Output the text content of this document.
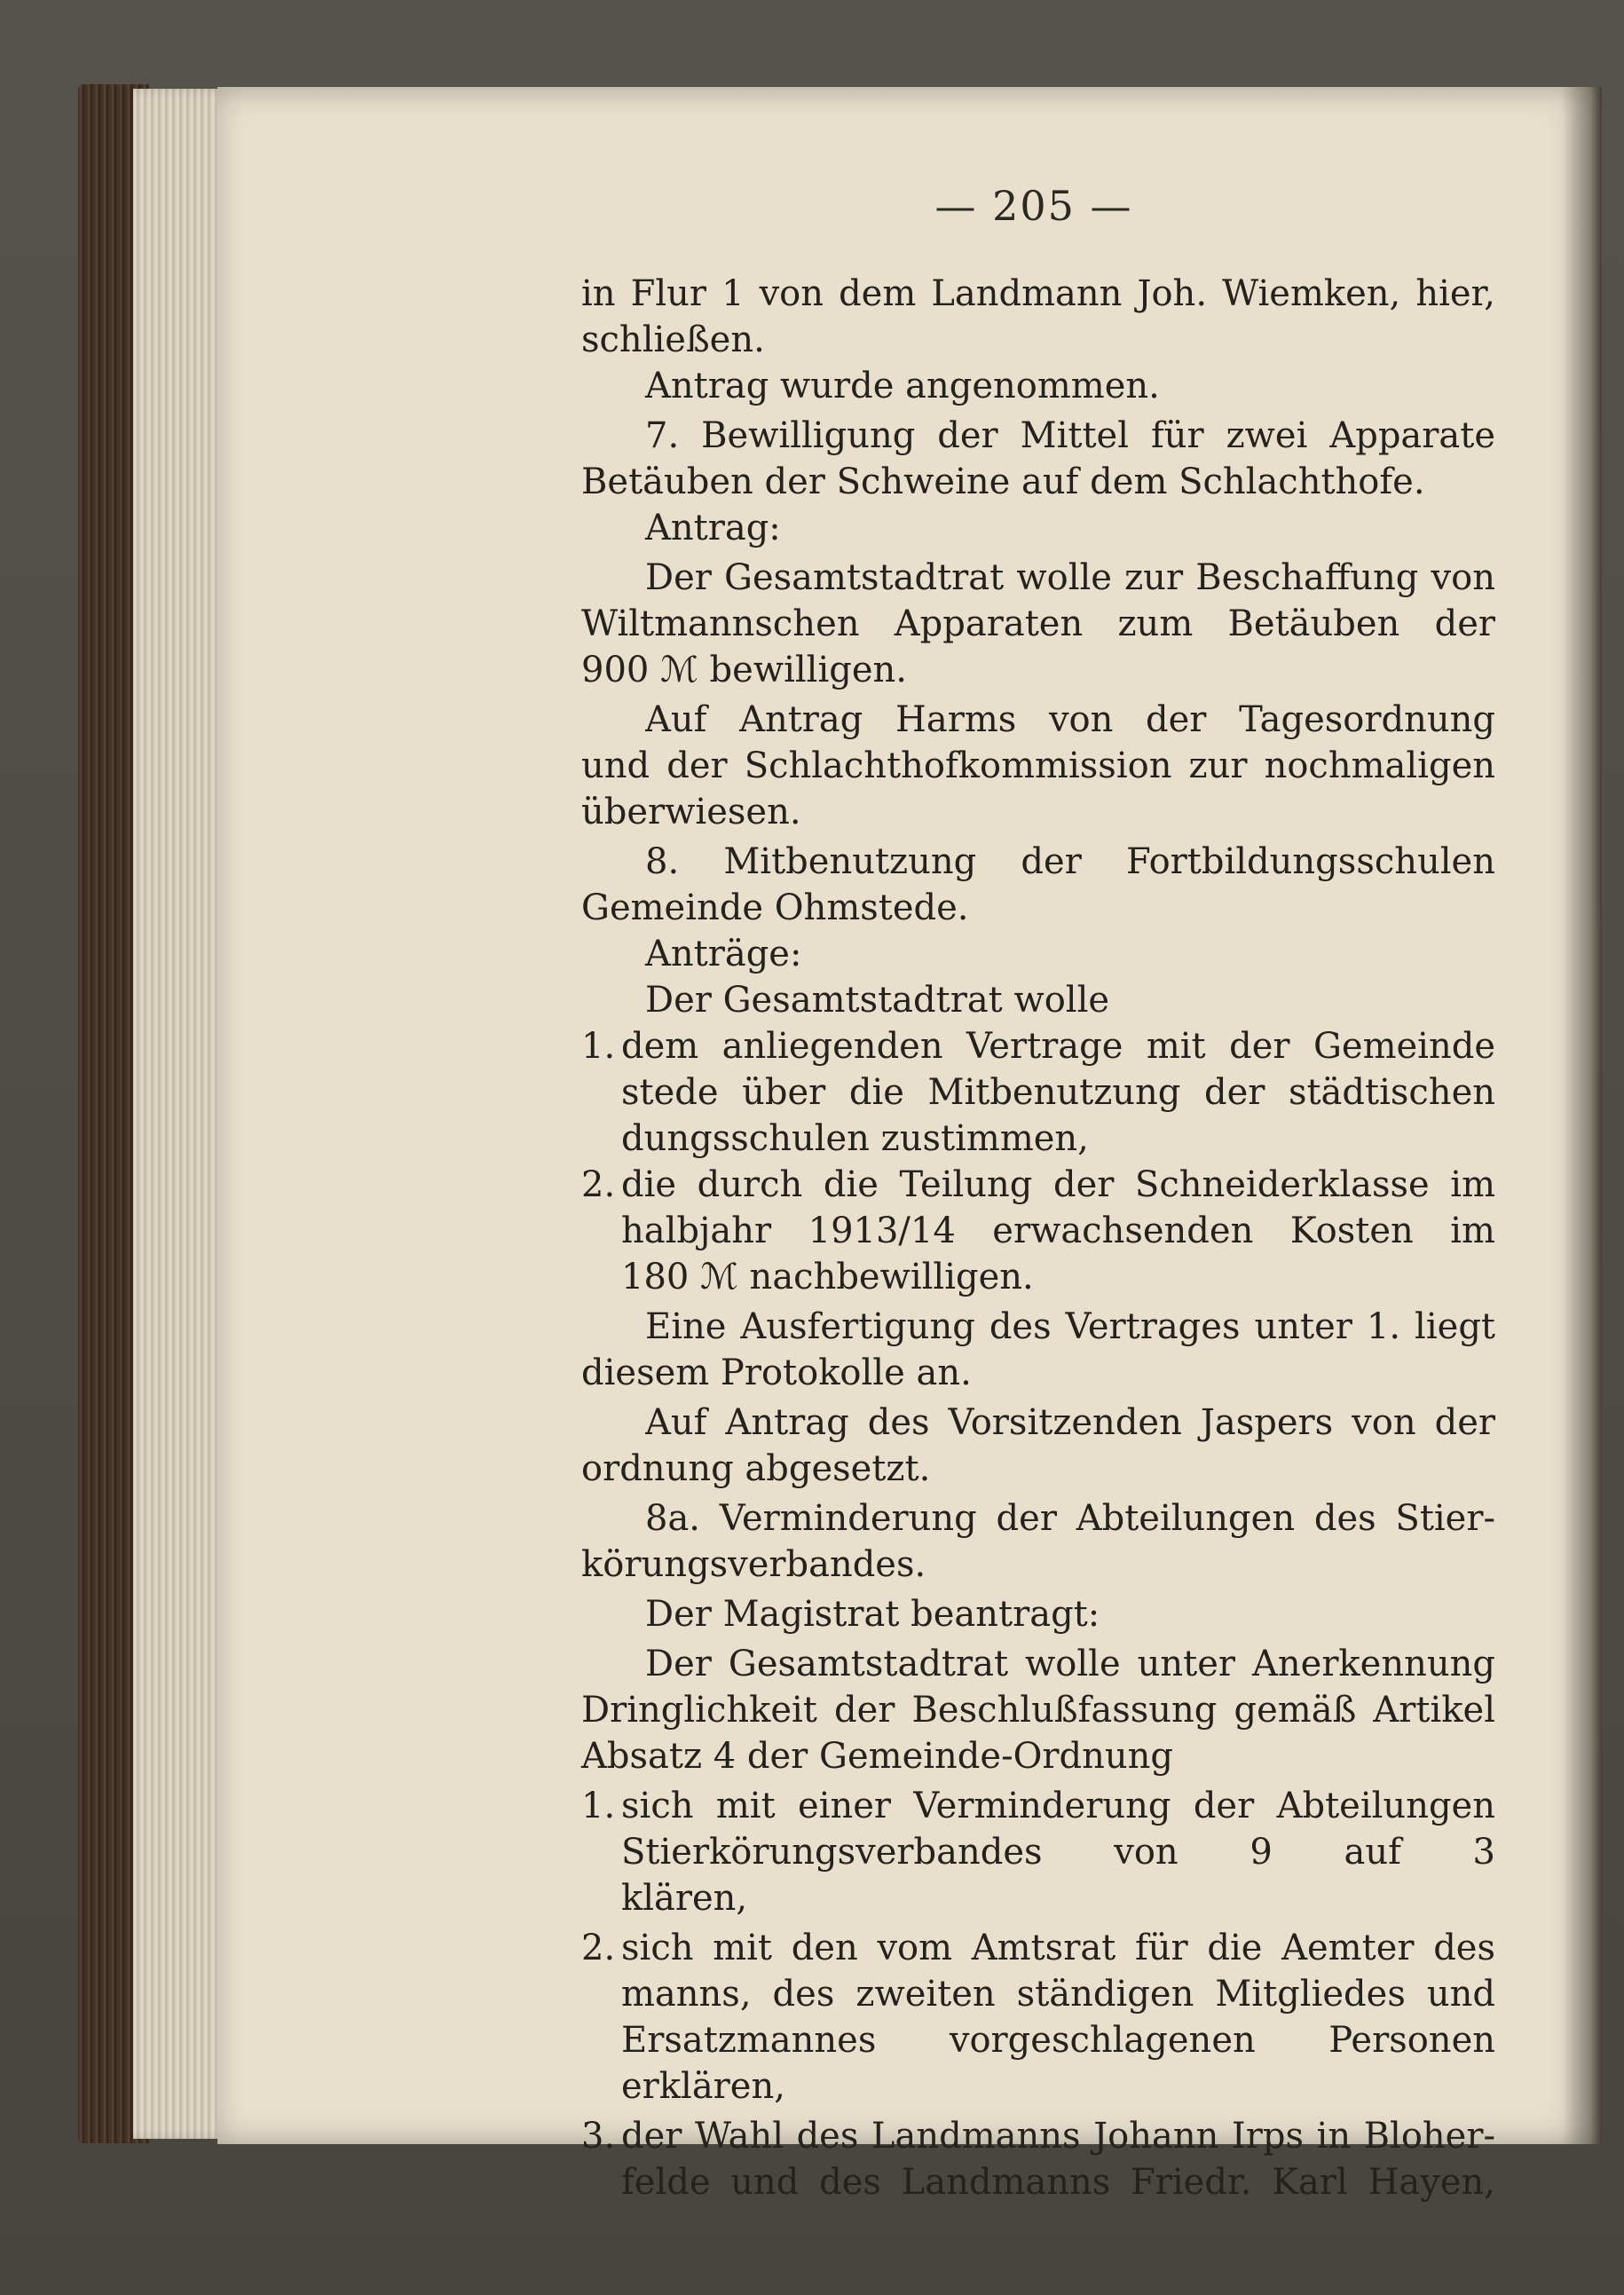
— 205 —

in Flur 1 von dem Landmann Joh. Wiemken, hier,

schließen.

Antrag wurde angenommen.

7. Bewilligung der Mittel für zwei Apparate

Betäuben der Schweine auf dem Schlachthofe.

Antrag:

Der Gesamtstadtrat wolle zur Beschaffung von

Wiltmannschen Apparaten zum Betäuben der

900 ℳ bewilligen.

Auf Antrag Harms von der Tagesordnung

und der Schlachthofkommission zur nochmaligen

überwiesen.

8. Mitbenutzung der Fortbildungsschulen

Gemeinde Ohmstede.

Anträge:

Der Gesamtstadtrat wolle

1. dem anliegenden Vertrage mit der Gemeinde

stede über die Mitbenutzung der städtischen

dungsschulen zustimmen,

2. die durch die Teilung der Schneiderklasse im

halbjahr 1913/14 erwachsenden Kosten im

180 ℳ nachbewilligen.

Eine Ausfertigung des Vertrages unter 1. liegt

diesem Protokolle an.

Auf Antrag des Vorsitzenden Jaspers von der

ordnung abgesetzt.

8a. Verminderung der Abteilungen des Stier-

körungsverbandes.

Der Magistrat beantragt:

Der Gesamtstadtrat wolle unter Anerkennung

Dringlichkeit der Beschlußfassung gemäß Artikel

Absatz 4 der Gemeinde-Ordnung

1. sich mit einer Verminderung der Abteilungen

Stierkörungsverbandes von 9 auf 3

klären,

2. sich mit den vom Amtsrat für die Aemter des

manns, des zweiten ständigen Mitgliedes und

Ersatzmannes vorgeschlagenen Personen

erklären,

3. der Wahl des Landmanns Johann Irps in Bloher-

felde und des Landmanns Friedr. Karl Hayen,
